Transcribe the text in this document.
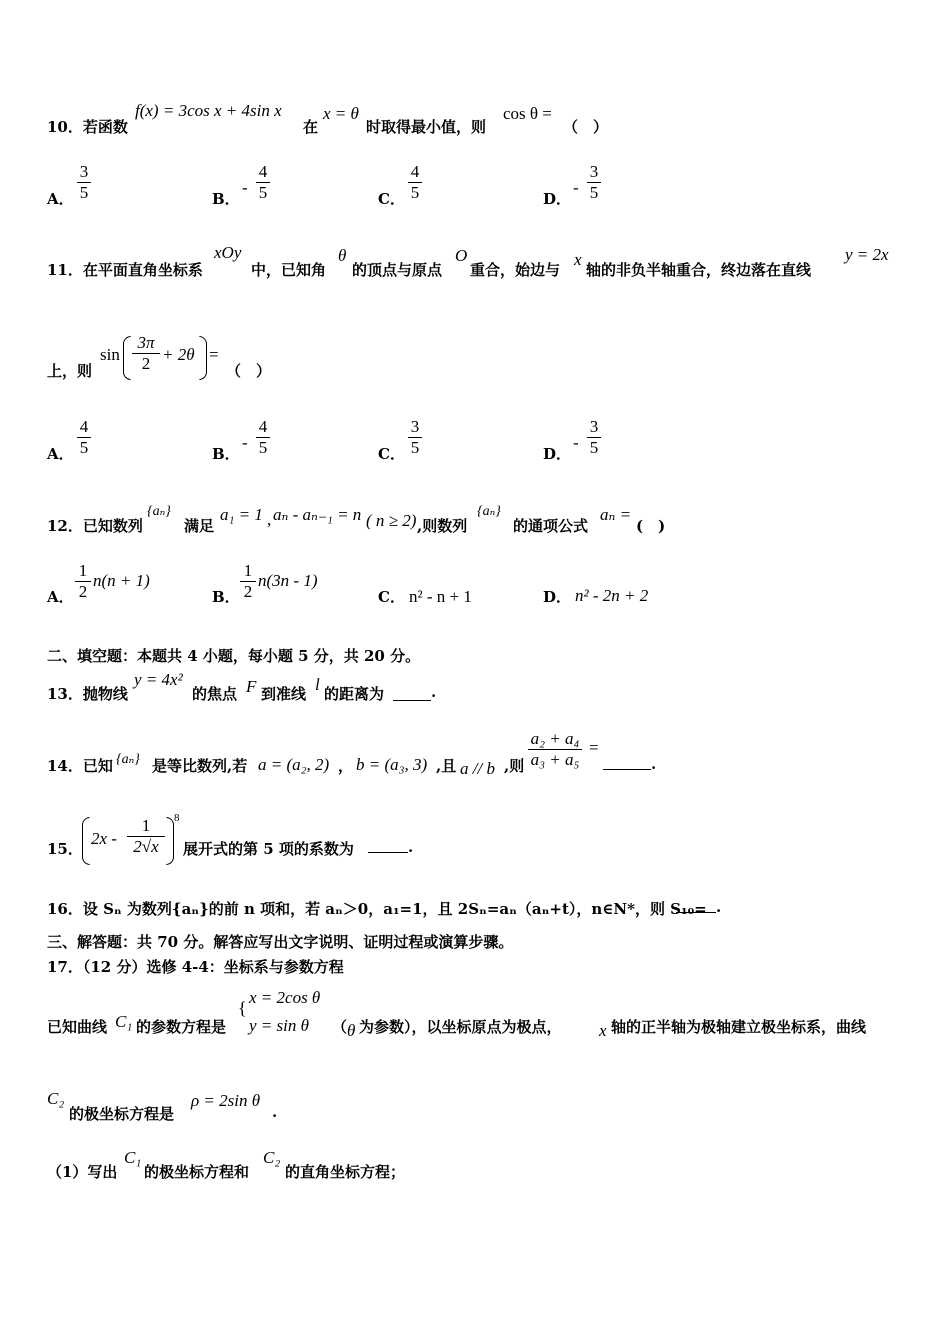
10．若函数
f(x) = 3cos x + 4sin x
在
x = θ
时取得最小值，则
cos θ =
（　）
A．
3
5	B．
-
4
5	C．
4
5	D．
-
3
5
11．在平面直角坐标系
xOy
中，已知角
θ
的顶点与原点
O
重合，始边与
x
轴的非负半轴重合，终边落在直线
y = 2x
上，则
sin
3π
2 + 2θ =
（　）
A．
4
5	B．
-
4
5	C．
3
5	D．
-
3
5
12．已知数列
{aₙ}
满足
a₁ = 1 , aₙ - aₙ₋₁ = n ( n ≥ 2) ,则数列
{aₙ}
的通项公式
aₙ =
(　)
A．
1
2
n(n + 1)
B．
1
2
n(3n - 1)
C． n² - n + 1	D． n² - 2n + 2
二、填空题：本题共 4 小题，每小题 5 分，共 20 分。
13．抛物线
y = 4x²
的焦点 F 到准线 l 的距离为	.
14．已知 {aₙ} 是等比数列,若 a = (a₂, 2) ， b = (a₃, 3) ,且 a // b ,则
a₂ + a₄
a₃ + a₅
=
.
15．
2x -
1
2√x
8
展开式的第 5 项的系数为	.
16．设 Sₙ 为数列{aₙ}的前 n 项和，若 aₙ＞0，a₁=1，且 2Sₙ=aₙ（aₙ+t），n∈N*，则 S₁₀= .
三、解答题：共 70 分。解答应写出文字说明、证明过程或演算步骤。
17．（12 分）选修 4-4：坐标系与参数方程
已知曲线 C₁ 的参数方程是
{
x = 2cos θ
y = sin θ （ θ 为参数），以坐标原点为极点， x 轴的正半轴为极轴建立极坐标系，曲线
C₂
的极坐标方程是
ρ = 2sin θ
.
（1）写出
C₁
的极坐标方程和
C₂
的直角坐标方程；
